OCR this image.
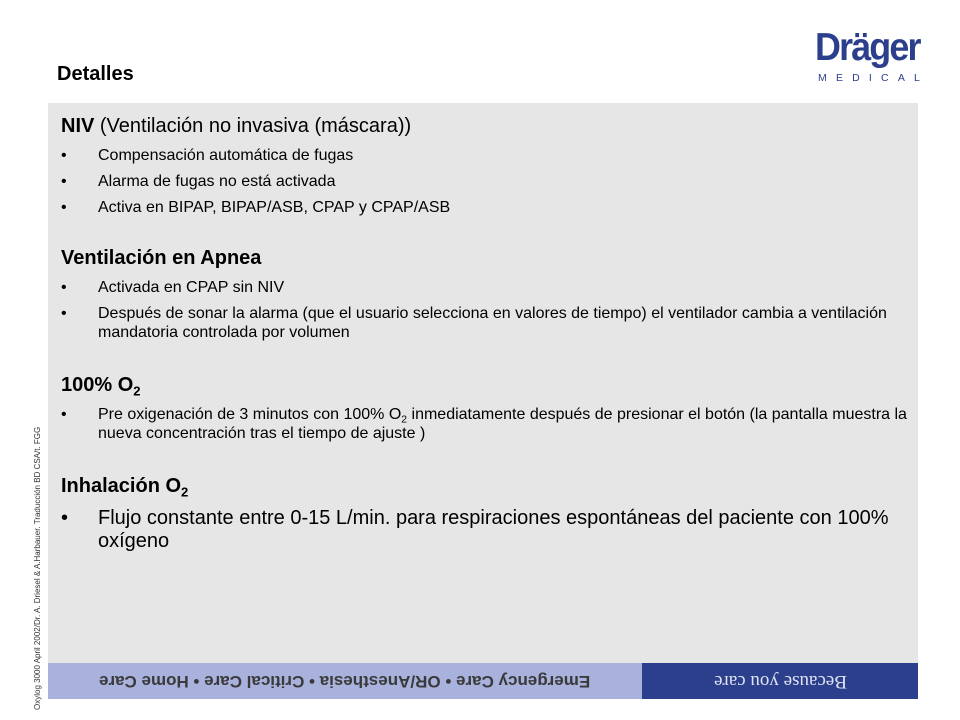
Detalles
Dräger
MEDICAL

NIV (Ventilación no invasiva (máscara))

• Compensación automática de fugas
• Alarma de fugas no está activada
• Activa en BIPAP, BIPAP/ASB, CPAP y CPAP/ASB

Ventilación en Apnea

• Activada en CPAP sin NIV
• Después de sonar la alarma (que el usuario selecciona en valores de tiempo) el ventilador cambia a ventilación mandatoria controlada por volumen

100% $O_2$

• Pre oxigenación de 3 minutos con 100% $O_2$ inmediatamente después de presionar el botón (la pantalla muestra la nueva concentración tras el tiempo de ajuste )

Inhalación $O_2$

• Flujo constante entre 0-15 L/min. para respiraciones espontáneas del paciente con 100% oxígeno
Oxylog 3000 April 2002/Dr. A. Driesel & A.Harbauer. Traducción BD CSA/t. FGG	Emergency Care • OR/Anesthesia • Critical Care • Home Care	Because you care
